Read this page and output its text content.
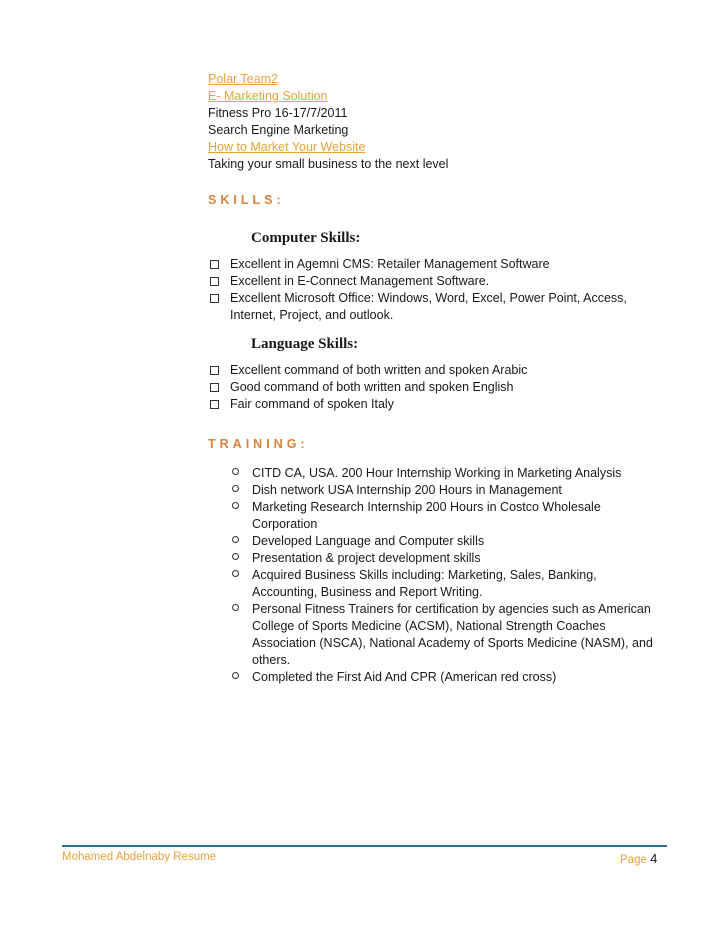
Polar Team2
E- Marketing Solution
Fitness Pro 16-17/7/2011
Search Engine Marketing
How to Market Your Website
Taking your small business to the next level
SKILLS:
Computer Skills:
Excellent in Agemni CMS: Retailer Management Software
Excellent in E-Connect Management Software.
Excellent Microsoft Office: Windows, Word, Excel, Power Point, Access, Internet, Project, and outlook.
Language Skills:
Excellent command of both written and spoken Arabic
Good command of both written and spoken English
Fair command of spoken Italy
TRAINING:
CITD CA, USA. 200 Hour Internship Working in Marketing Analysis
Dish network USA Internship 200 Hours in Management
Marketing Research Internship 200 Hours in Costco Wholesale Corporation
Developed Language and Computer skills
Presentation & project development skills
Acquired Business Skills including: Marketing, Sales, Banking, Accounting, Business and Report Writing.
Personal Fitness Trainers for certification by agencies such as American College of Sports Medicine (ACSM), National Strength Coaches Association (NSCA), National Academy of Sports Medicine (NASM), and others.
Completed the First Aid And CPR (American red cross)
Mohamed Abdelnaby Resume	Page 4
